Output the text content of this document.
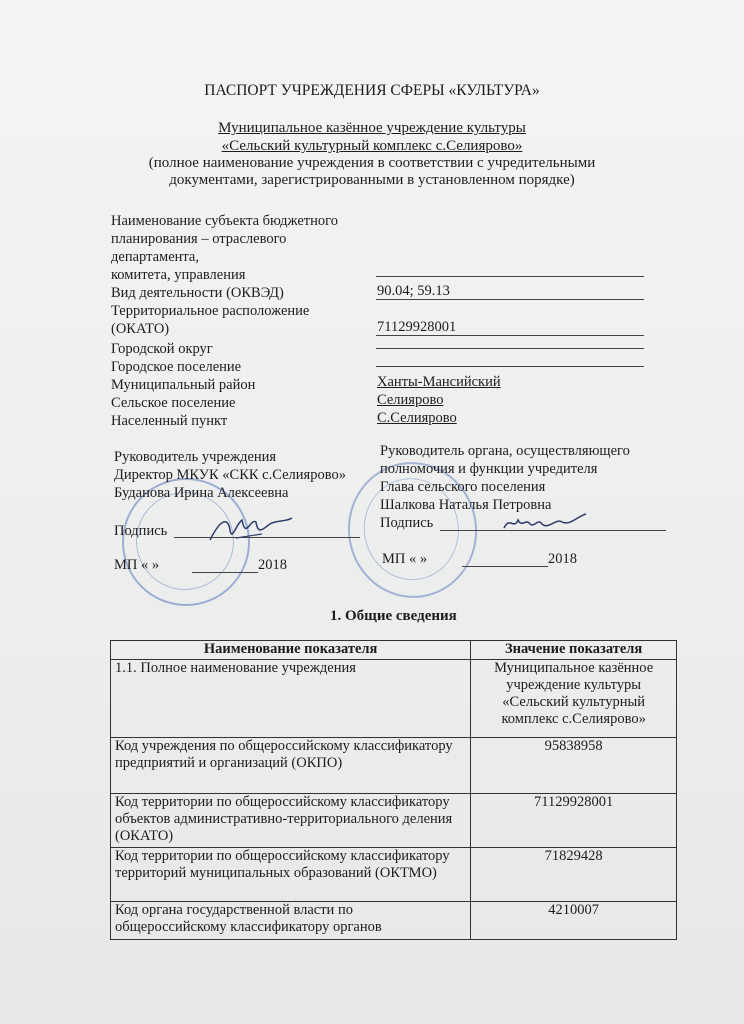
ПАСПОРТ УЧРЕЖДЕНИЯ СФЕРЫ «КУЛЬТУРА»
Муниципальное казённое учреждение культуры
«Сельский культурный комплекс с.Селиярово»
(полное наименование учреждения в соответствии с учредительными
документами, зарегистрированными в установленном порядке)
Наименование субъекта бюджетного
планирования – отраслевого
департамента,
комитета, управления
Вид деятельности (ОКВЭД)	90.04; 59.13
Территориальное расположение
(ОКАТО)	71129928001
Городской округ
Городское поселение
Муниципальный район	Ханты-Мансийский
Сельское поселение	Селиярово
Населенный пункт	С.Селиярово
Руководитель учреждения
Директор МКУК «СКК с.Селиярово»
Буданова Ирина Алексеевна
Подпись
МП « »	2018
Руководитель органа, осуществляющего
полномочия и функции учредителя
Глава сельского поселения
Шалкова Наталья Петровна
Подпись
МП « »	2018
1. Общие сведения
Наименование показателя	Значение показателя
1.1. Полное наименование учреждения	Муниципальное казённое учреждение культуры «Сельский культурный комплекс с.Селиярово»
Код учреждения по общероссийскому классификатору предприятий и организаций (ОКПО)	95838958
Код территории по общероссийскому классификатору объектов административно-территориального деления (ОКАТО)	71129928001
Код территории по общероссийскому классификатору территорий муниципальных образований (ОКТМО)	71829428
Код органа государственной власти по общероссийскому классификатору органов	4210007
